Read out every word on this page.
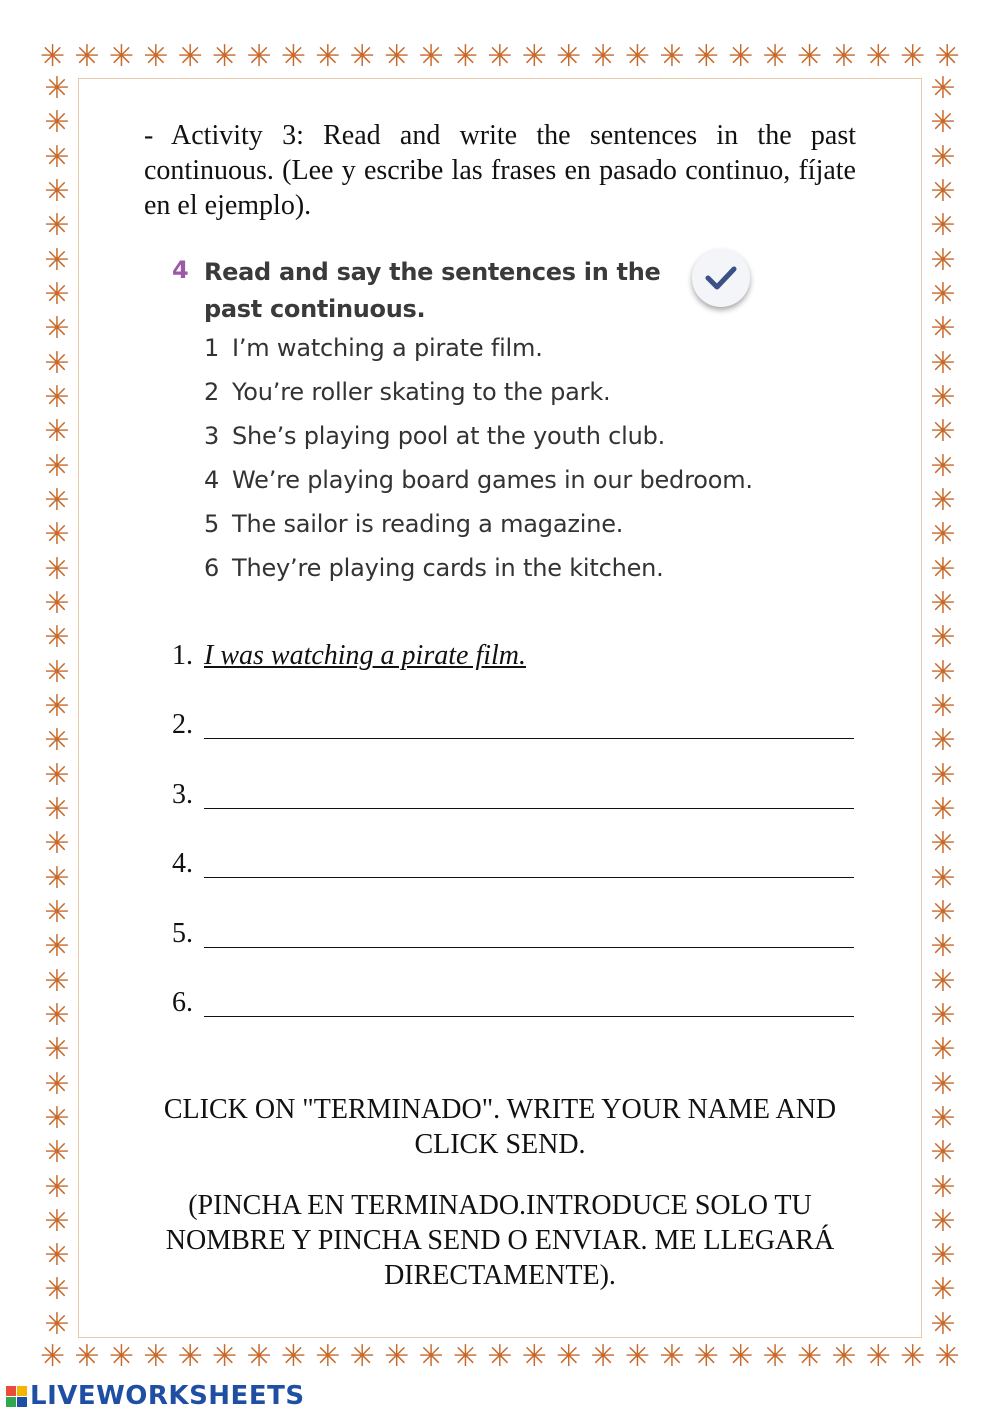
✳ ✳ ✳ ✳ ✳ ✳ ✳ ✳ ✳ ✳ ✳ ✳ ✳ ✳ ✳ ✳ ✳ ✳ ✳ ✳ ✳ ✳ ✳ ✳ ✳ ✳ ✳
✳ ✳ ✳ ✳ ✳ ✳ ✳ ✳ ✳ ✳ ✳ ✳ ✳ ✳ ✳ ✳ ✳ ✳ ✳ ✳ ✳ ✳ ✳ ✳ ✳ ✳ ✳
✳
✳
✳
✳
✳
✳
✳
✳
✳
✳
✳
✳
✳
✳
✳
✳
✳
✳
✳
✳
✳
✳
✳
✳
✳
✳
✳
✳
✳
✳
✳
✳
✳
✳
✳
✳
✳
✳
✳
✳
✳
✳
✳
✳
✳
✳
✳
✳
✳
✳
✳
✳
✳
✳
✳
✳
✳
✳
✳
✳
✳
✳
✳
✳
✳
✳
✳
✳
✳
✳
✳
✳
✳
✳

- Activity 3: Read and write the sentences in the past continuous. (Lee y escribe las frases en pasado continuo, fíjate en el ejemplo).

4 Read and say the sentences in the past continuous.
1 I’m watching a pirate film.
2 You’re roller skating to the park.
3 She’s playing pool at the youth club.
4 We’re playing board games in our bedroom.
5 The sailor is reading a magazine.
6 They’re playing cards in the kitchen.
1. I was watching a pirate film.
2.
3.
4.
5.
6.

CLICK ON "TERMINADO". WRITE YOUR NAME AND CLICK SEND.

(PINCHA EN TERMINADO.INTRODUCE SOLO TU NOMBRE Y PINCHA SEND O ENVIAR. ME LLEGARÁ DIRECTAMENTE).

LIVEWORKSHEETS
